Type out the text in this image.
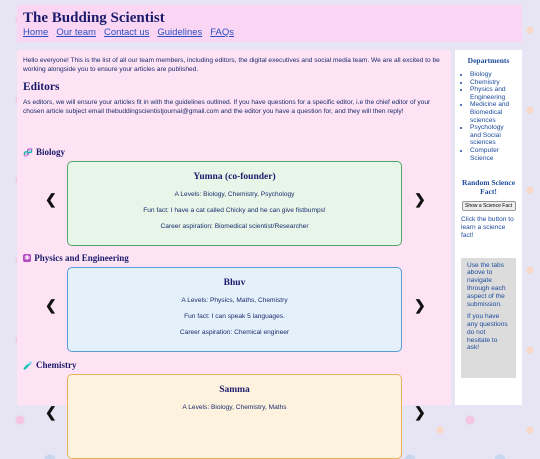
The Budding Scientist
Home Our team Contact us Guidelines FAQs

Hello everyone! This is the list of all our team members, including editors, the digital executives and social media team. We are all excited to be working alongside you to ensure your articles are published.

Editors

As editors, we will ensure your articles fit in with the guidelines outlined. If you have questions for a specific editor, i.e the chief editor of your chosen article subject email thebuddingscientistjournal@gmail.com and the editor you have a question for, and they will then reply!

🧬 Biology
❮
Yumna (co-founder)
A Levels: Biology, Chemistry, Psychology
Fun fact: I have a cat called Chicky and he can give fistbumps!
Career aspiration: Biomedical scientist/Researcher
❯
⚛ Physics and Engineering
❮
Bhuv
A Levels: Physics, Maths, Chemistry
Fun fact: I can speak 5 languages.
Career aspiration: Chemical engineer
❯
🧪 Chemistry
❮
Samma
A Levels: Biology, Chemistry, Maths	❯
Departments
• Biology
• Chemistry
• Physics and Engineering
• Medicine and Biomedical sciences
• Psychology and Social sciences
• Computer Science
Random Science Fact!
Show a Science Fact

Click the button to learn a science fact!

Use the tabs above to navigate through each aspect of the submission.

If you have any questions do not hesitate to ask!
